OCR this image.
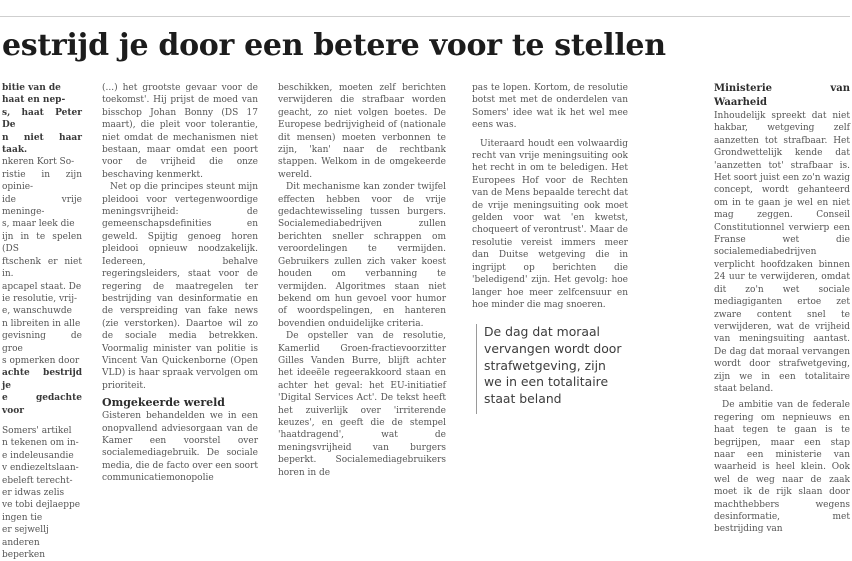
estrijd je door een betere voor te stellen

bitie van de

haat en nep-

s, haat Peter De

n niet haar taak.

nkeren Kort So-

ristie in zijn opinie-

ide vrije meninge-

s, maar leek die

ijn in te spelen (DS

ftschenk er niet in.

apcapel staat. De

ie resolutie, vrij-

e, wanschuwde

n libreiten in alle

gevisning de groe

s opmerken door

achte bestrijd je

e gedachte voor

Somers' artikel

n tekenen om in-

e indeleusandie

v endiezeltslaan-

ebeleft terecht-

er idwas zelis

ve tobi dejlaeppe

ingen tie

er sejwellj

anderen beperken

(...) het grootste gevaar voor de toekomst'. Hij prijst de moed van bisschop Johan Bonny (DS 17 maart), die pleit voor tolerantie, niet omdat de mechanismen niet bestaan, maar omdat een poort voor de vrijheid die onze beschaving kenmerkt.

Net op die principes steunt mijn pleidooi voor vertegenwoordige meningsvrijheid: de gemeenschapsdefinities en geweld. Spijtig genoeg horen pleidooi opnieuw noodzakelijk. Iedereen, behalve regeringsleiders, staat voor de regering de maatregelen ter bestrijding van desinformatie en de verspreiding van fake news (zie verstorken). Daartoe wil zo de sociale media betrekken. Voormalig minister van politie is Vincent Van Quickenborne (Open VLD) is haar spraak vervolgen om prioriteit.

Omgekeerde wereld

Gisteren behandelden we in een onopvallend adviesorgaan van de Kamer een voorstel over socialemediagebruik. De sociale media, die de facto over een soort communicatiemonopolie

beschikken, moeten zelf berichten verwijderen die strafbaar worden geacht, zo niet volgen boetes. De Europese bedrijvigheid of (nationale dit mensen) moeten verbonnen te zijn, 'kan' naar de rechtbank stappen. Welkom in de omgekeerde wereld.

Dit mechanisme kan zonder twijfel effecten hebben voor de vrije gedachtewisseling tussen burgers. Socialemediabedrijven zullen berichten sneller schrappen om veroordelingen te vermijden. Gebruikers zullen zich vaker koest houden om verbanning te vermijden. Algoritmes staan niet bekend om hun gevoel voor humor of woordspelingen, en hanteren bovendien onduidelijke criteria.

De opsteller van de resolutie, Kamerlid Groen-fractievoorzitter Gilles Vanden Burre, blijft achter het ideeële regeerakkoord staan en achter het geval: het EU-initiatief 'Digital Services Act'. De tekst heeft het zuiverlijk over 'irriterende keuzes', en geeft die de stempel 'haatdragend', wat de meningsvrijheid van burgers beperkt. Socialemediagebruikers horen in de

pas te lopen. Kortom, de resolutie botst met met de onderdelen van Somers' idee wat ik het wel mee eens was.

Uiteraard houdt een volwaardig recht van vrije meningsuiting ook het recht in om te beledigen. Het Europees Hof voor de Rechten van de Mens bepaalde terecht dat de vrije meningsuiting ook moet gelden voor wat 'en kwetst, choqueert of verontrust'. Maar de resolutie vereist immers meer dan Duitse wetgeving die in ingrijpt op berichten die 'beledigend' zijn. Het gevolg: hoe langer hoe meer zelfcensuur en hoe minder die mag snoeren.

De dag dat moraal vervangen wordt door strafwetgeving, zijn we in een totalitaire staat beland

Ministerie van Waarheid

Inhoudelijk spreekt dat niet hakbar, wetgeving zelf aanzetten tot strafbaar. Het Grondwettelijk kende dat 'aanzetten tot' strafbaar is. Het soort juist een zo'n wazig concept, wordt gehanteerd om in te gaan je wel en niet mag zeggen. Conseil Constitutionnel verwierp een Franse wet die socialemediabedrijven verplicht hoofdzaken binnen 24 uur te verwijderen, omdat dit zo'n wet sociale mediagiganten ertoe zet zware content snel te verwijderen, wat de vrijheid van meningsuiting aantast. De dag dat moraal vervangen wordt door strafwetgeving, zijn we in een totalitaire staat beland.

De ambitie van de federale regering om nepnieuws en haat tegen te gaan is te begrijpen, maar een stap naar een ministerie van waarheid is heel klein. Ook wel de weg naar de zaak moet ik de rijk slaan door machthebbers wegens desinformatie, met bestrijding van
